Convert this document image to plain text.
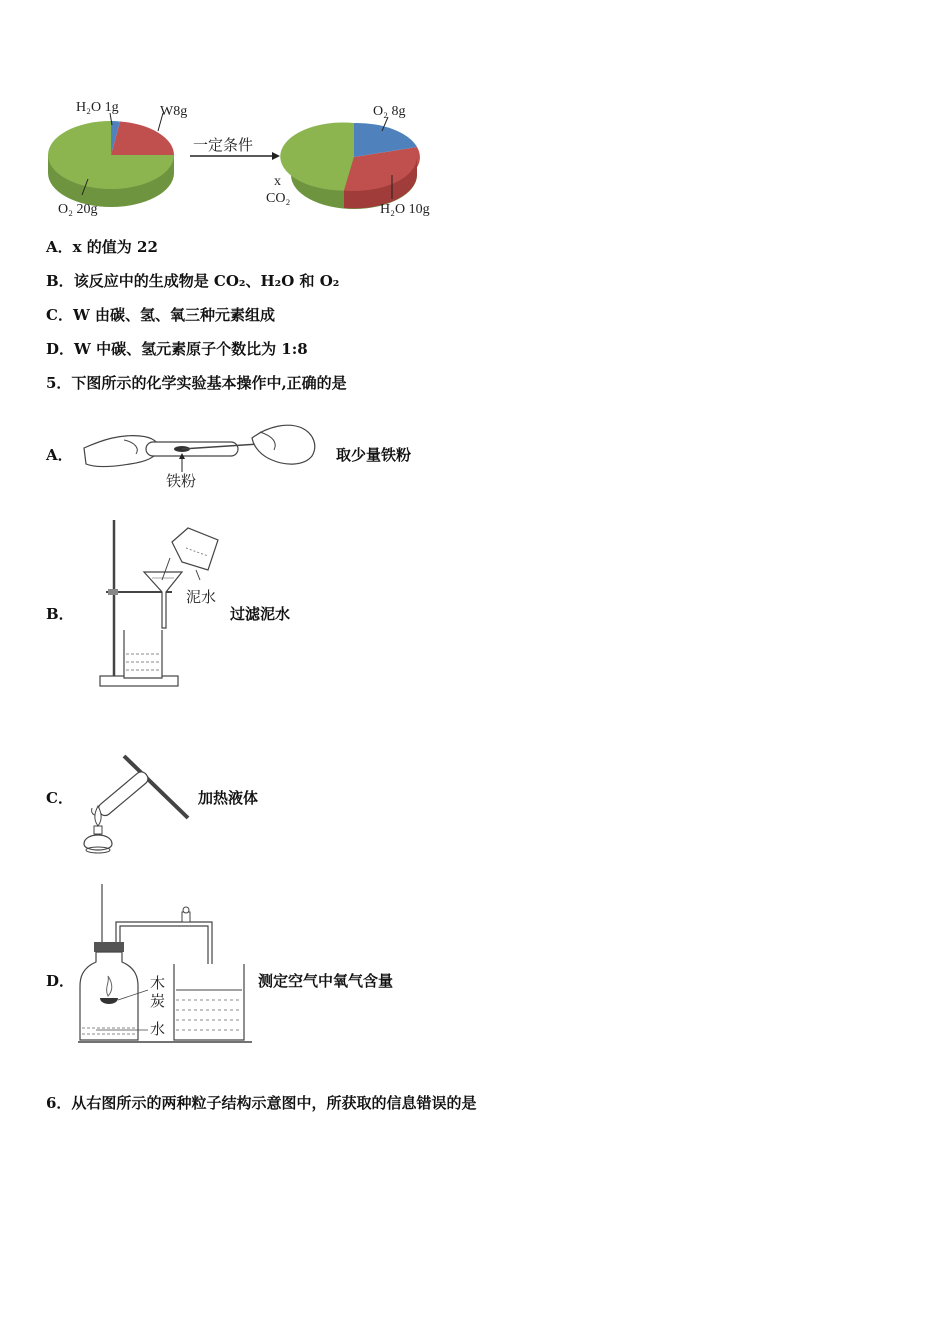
H₂O 1g	W8g
O₂ 20g
一定条件
O₂ 8g
x
CO₂
H₂O 10g
A．x 的值为 22
B．该反应中的生成物是 CO₂、H₂O 和 O₂
C．W 由碳、氢、氧三种元素组成
D．W 中碳、氢元素原子个数比为 1:8
5．下图所示的化学实验基本操作中,正确的是
A．
铁粉
取少量铁粉
B．
泥水
过滤泥水
C．	加热液体
D．	木
炭
水
测定空气中氧气含量
6．从右图所示的两种粒子结构示意图中，所获取的信息错误的是
